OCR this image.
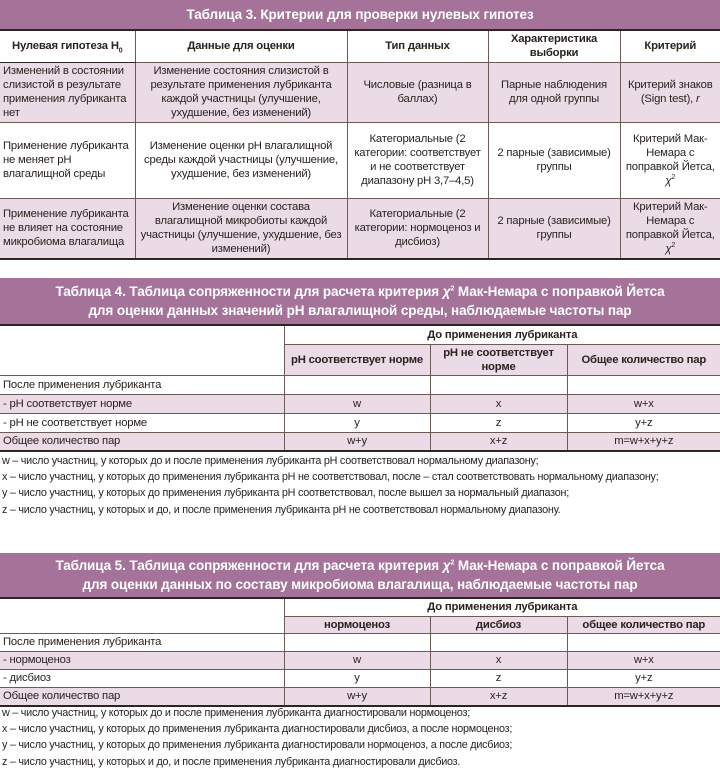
Таблица 3. Критерии для проверки нулевых гипотез
Нулевая гипотеза $H_0$	Данные для оценки	Тип данных	Характеристика выборки	Критерий
Изменений в состоянии слизистой в результате применения лубриканта нет	Изменение состояния слизистой в результате применения лубриканта каждой участницы (улучшение, ухудшение, без изменений)	Числовые (разница в баллах)	Парные наблюдения для одной группы	Критерий знаков (Sign test), r
Применение лубриканта не меняет pH влагалищной среды	Изменение оценки pH влагалищной среды каждой участницы (улучшение, ухудшение, без изменений)	Категориальные (2 категории: соответствует и не соответствует диапазону pH 3,7–4,5)	2 парные (зависимые) группы	Критерий Мак-Немара с поправкой Йетса, $\chi^2$
Применение лубриканта не влияет на состояние микробиома влагалища	Изменение оценки состава влагалищной микробиоты каждой участницы (улучшение, ухудшение, без изменений)	Категориальные (2 категории: нормоценоз и дисбиоз)	2 парные (зависимые) группы	Критерий Мак-Немара с поправкой Йетса, $\chi^2$
Таблица 4. Таблица сопряженности для расчета критерия $\chi^2$ Мак-Немара с поправкой Йетса
для оценки данных значений pH влагалищной среды, наблюдаемые частоты пар
	До применения лубриканта		
	pH соответствует норме	pH не соответствует норме	Общее количество пар
После применения лубриканта			
- pH соответствует норме	w	x	w+x
- pH не соответствует норме	y	z	y+z
Общее количество пар	w+y	x+z	m=w+x+y+z
w – число участниц, у которых до и после применения лубриканта pH соответствовал нормальному диапазону;
x – число участниц, у которых до применения лубриканта pH не соответствовал, после – стал соответствовать нормальному диапазону;
y – число участниц, у которых до применения лубриканта pH соответствовал, после вышел за нормальный диапазон;
z – число участниц, у которых и до, и после применения лубриканта pH не соответствовал нормальному диапазону.
Таблица 5. Таблица сопряженности для расчета критерия $\chi^2$ Мак-Немара с поправкой Йетса
для оценки данных по составу микробиома влагалища, наблюдаемые частоты пар
	До применения лубриканта		
	нормоценоз	дисбиоз	общее количество пар
После применения лубриканта			
- нормоценоз	w	x	w+x
- дисбиоз	y	z	y+z
Общее количество пар	w+y	x+z	m=w+x+y+z
w – число участниц, у которых до и после применения лубриканта диагностировали нормоценоз;
x – число участниц, у которых до применения лубриканта диагностировали дисбиоз, а после нормоценоз;
y – число участниц, у которых до применения лубриканта диагностировали нормоценоз, а после дисбиоз;
z – число участниц, у которых и до, и после применения лубриканта диагностировали дисбиоз.
